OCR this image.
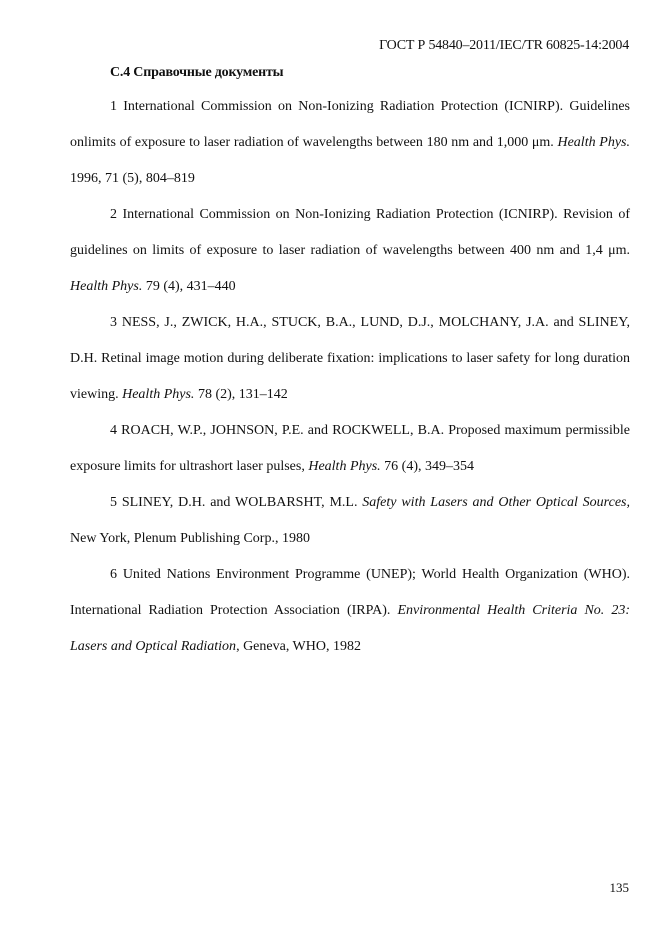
ГОСТ Р 54840–2011/IEC/TR 60825-14:2004
С.4 Справочные документы

1 International Commission on Non-Ionizing Radiation Protection (ICNIRP). Guidelines onlimits of exposure to laser radiation of wavelengths between 180 nm and 1,000 μm. Health Phys. 1996, 71 (5), 804–819

2 International Commission on Non-Ionizing Radiation Protection (ICNIRP). Revision of guidelines on limits of exposure to laser radiation of wavelengths between 400 nm and 1,4 μm. Health Phys. 79 (4), 431–440

3 NESS, J., ZWICK, H.A., STUCK, B.A., LUND, D.J., MOLCHANY, J.A. and SLINEY, D.H. Retinal image motion during deliberate fixation: implications to laser safety for long duration viewing. Health Phys. 78 (2), 131–142

4 ROACH, W.P., JOHNSON, P.E. and ROCKWELL, B.A. Proposed maximum permissible exposure limits for ultrashort laser pulses, Health Phys. 76 (4), 349–354

5 SLINEY, D.H. and WOLBARSHT, M.L. Safety with Lasers and Other Optical Sources, New York, Plenum Publishing Corp., 1980

6 United Nations Environment Programme (UNEP); World Health Organization (WHO). International Radiation Protection Association (IRPA). Environmental Health Criteria No. 23: Lasers and Optical Radiation, Geneva, WHO, 1982

135
